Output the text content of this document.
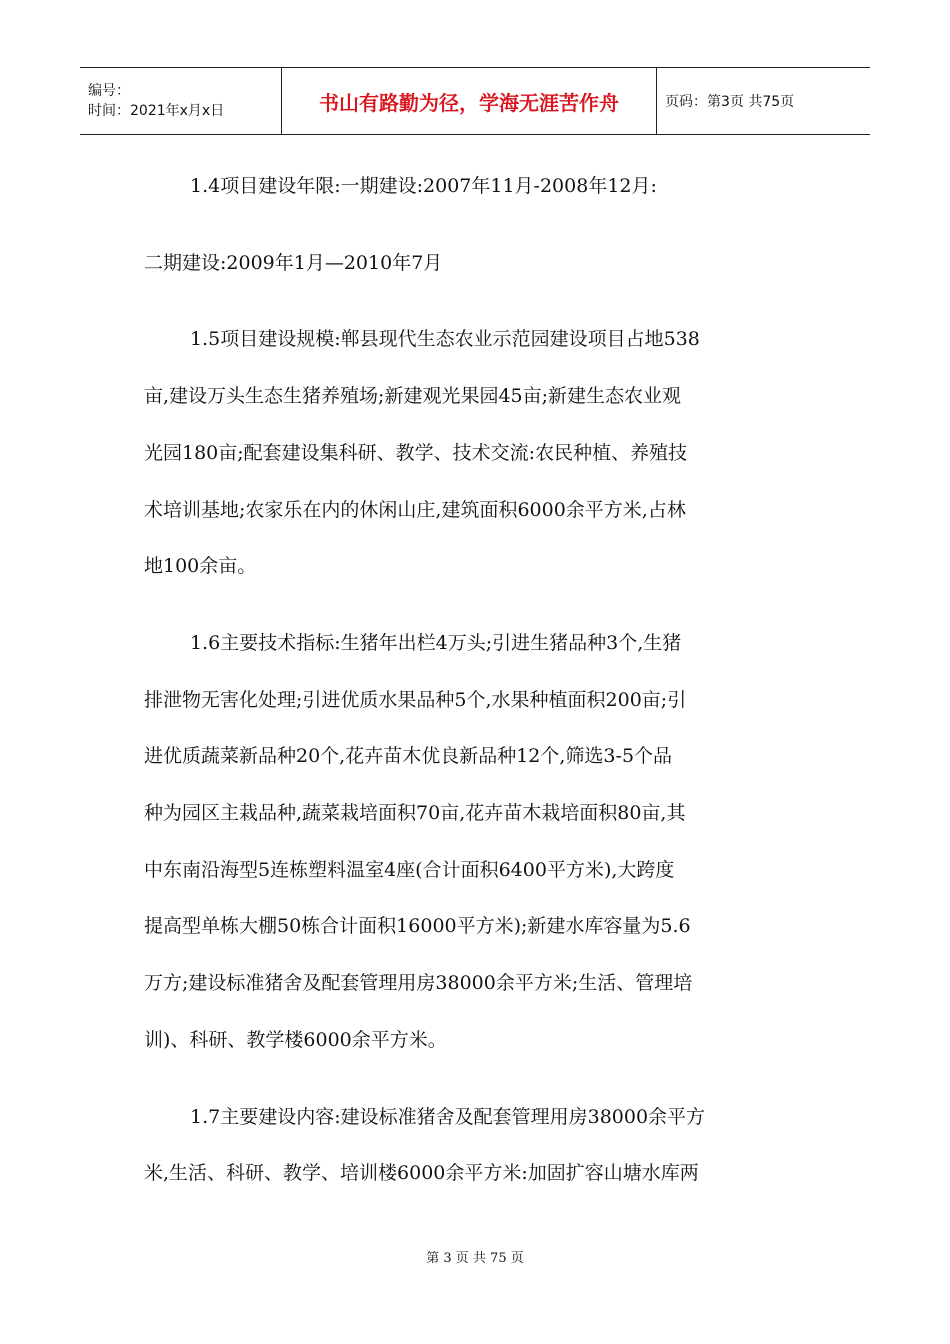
编号：
时间：2021年x月x日	书山有路勤为径，学海无涯苦作舟	页码：第3页 共75页

1.4项目建设年限:一期建设:2007年11月-2008年12月:

二期建设:2009年1月—2010年7月

1.5项目建设规模:郸县现代生态农业示范园建设项目占地538
亩,建设万头生态生猪养殖场;新建观光果园45亩;新建生态农业观
光园180亩;配套建设集科研、教学、技术交流:农民种植、养殖技
术培训基地;农家乐在内的休闲山庄,建筑面积6000余平方米,占林
地100余亩。

1.6主要技术指标:生猪年出栏4万头;引进生猪品种3个,生猪
排泄物无害化处理;引进优质水果品种5个,水果种植面积200亩;引
进优质蔬菜新品种20个,花卉苗木优良新品种12个,筛选3-5个品
种为园区主栽品种,蔬菜栽培面积70亩,花卉苗木栽培面积80亩,其
中东南沿海型5连栋塑料温室4座(合计面积6400平方米),大跨度
提高型单栋大棚50栋合计面积16000平方米);新建水库容量为5.6
万方;建设标准猪舍及配套管理用房38000余平方米;生活、管理培
训)、科研、教学楼6000余平方米。

1.7主要建设内容:建设标准猪舍及配套管理用房38000余平方
米,生活、科研、教学、培训楼6000余平方米:加固扩容山塘水库两

第 3 页 共 75 页
